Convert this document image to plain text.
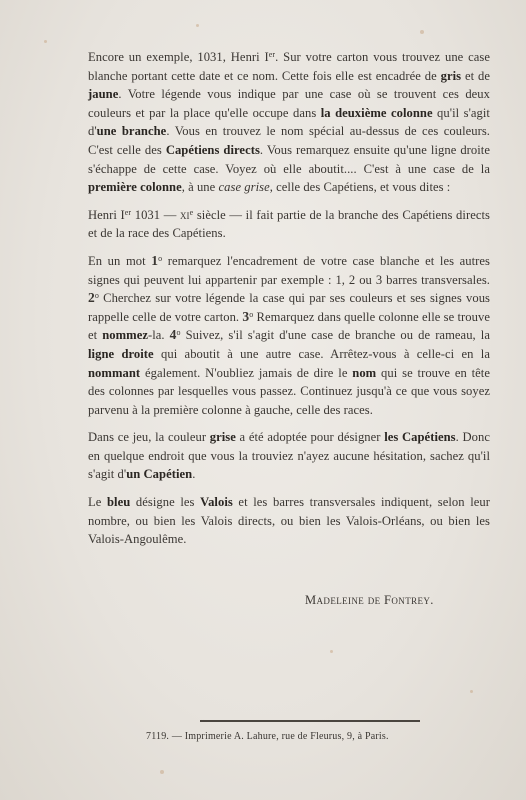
Encore un exemple, 1031, Henri Ier. Sur votre carton vous trouvez une case blanche portant cette date et ce nom. Cette fois elle est encadrée de gris et de jaune. Votre légende vous indique par une case où se trouvent ces deux couleurs et par la place qu'elle occupe dans la deuxième colonne qu'il s'agit d'une branche. Vous en trouvez le nom spécial au-dessus de ces couleurs. C'est celle des Capétiens directs. Vous remarquez ensuite qu'une ligne droite s'échappe de cette case. Voyez où elle aboutit.... C'est à une case de la première colonne, à une case grise, celle des Capétiens, et vous dites :

Henri Ier 1031 — $xi^e$ siècle — il fait partie de la branche des Capétiens directs et de la race des Capétiens.

En un mot 1$^o$ remarquez l'encadrement de votre case blanche et les autres signes qui peuvent lui appartenir par exemple : 1, 2 ou 3 barres transversales. 2$^o$ Cherchez sur votre légende la case qui par ses couleurs et ses signes vous rappelle celle de votre carton. 3$^o$ Remarquez dans quelle colonne elle se trouve et nommez-la. 4$^o$ Suivez, s'il s'agit d'une case de branche ou de rameau, la ligne droite qui aboutit à une autre case. Arrêtez-vous à celle-ci en la nommant également. N'oubliez jamais de dire le nom qui se trouve en tête des colonnes par lesquelles vous passez. Continuez jusqu'à ce que vous soyez parvenu à la première colonne à gauche, celle des races.

Dans ce jeu, la couleur grise a été adoptée pour désigner les Capétiens. Donc en quelque endroit que vous la trouviez n'ayez aucune hésitation, sachez qu'il s'agit d'un Capétien.

Le bleu désigne les Valois et les barres transversales indiquent, selon leur nombre, ou bien les Valois directs, ou bien les Valois-Orléans, ou bien les Valois-Angoulême.

Madeleine de Fontrey.
7119. — Imprimerie A. Lahure, rue de Fleurus, 9, à Paris.
